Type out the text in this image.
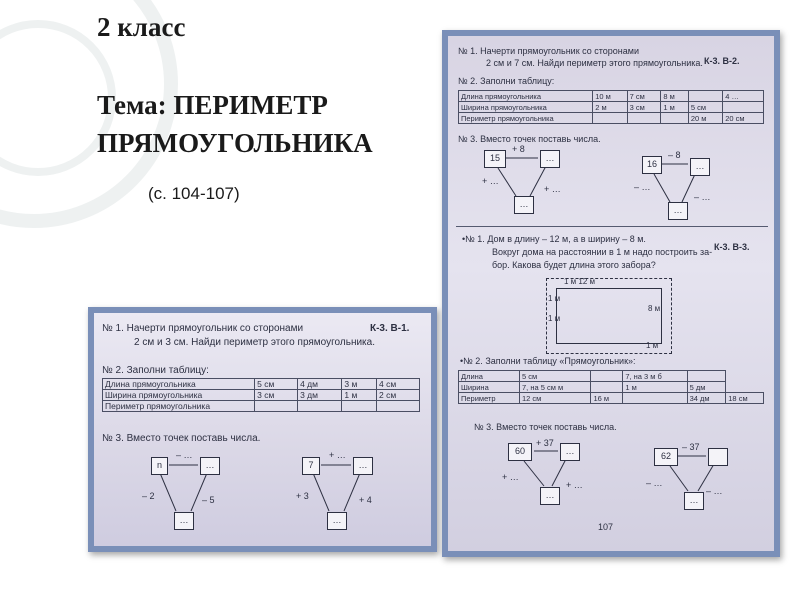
2 класс
Тема: ПЕРИМЕТР ПРЯМОУГОЛЬНИКА
(с. 104-107)
№ 1. Начерти прямоугольник со сторонами	К-3. В-1.
2 см и 3 см. Найди периметр этого прямоугольника.
№ 2. Заполни таблицу:
Длина прямоугольника	5 см	4 дм	3 м	4 см
Ширина прямоугольника	3 см	3 дм	1 м	2 см
Периметр прямоугольника				
№ 3. Вместо точек поставь числа.
n
– …
…
– 2	– 5
…
7
+ …
…
+ 3	+ 4
…
№ 1. Начерти прямоугольник со сторонами
К-3. В-2.
2 см и 7 см. Найди периметр этого прямоугольника.
№ 2. Заполни таблицу:
Длина прямоугольника	10 м	7 см	8 м		4 …
Ширина прямоугольника	2 м	3 см	1 м	5 см	
Периметр прямоугольника				20 м	20 см
№ 3. Вместо точек поставь числа.
15
+ 8
…
+ …
+ …
…
16
– 8
…
– …
– …
…
•№ 1. Дом в длину – 12 м, а в ширину – 8 м.
К-3. В-3.
Вокруг дома на расстоянии в 1 м надо построить за-
бор. Какова будет длина этого забора?
1 м 12 м
1 м
1 м
8 м
1 м
•№ 2. Заполни таблицу «Прямоугольник»:
Длина	5 см		7, на 3 м б		
Ширина	7, на 5 см м		1 м	5 дм	
Периметр	12 см	16 м		34 дм	18 см
№ 3. Вместо точек поставь числа.
60
+ 37
…
+ …
+ …
…
62
– 37
– …
– …
…
107
